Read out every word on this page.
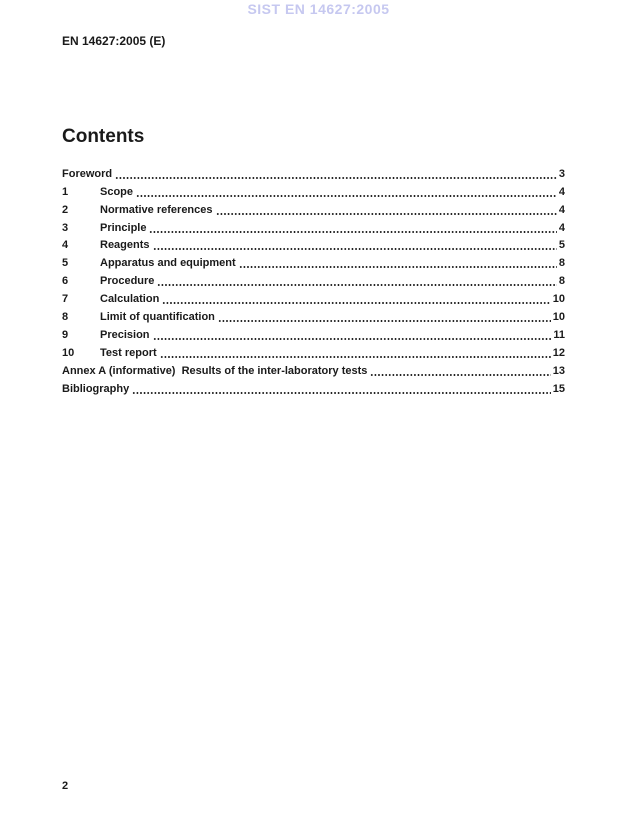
SIST EN 14627:2005
EN 14627:2005 (E)
Contents
Foreword	3
1	Scope	4
2	Normative references	4
3	Principle	4
4	Reagents	5
5	Apparatus and equipment	8
6	Procedure	8
7	Calculation	10
8	Limit of quantification	10
9	Precision	11
10	Test report	12
Annex A (informative)  Results of the inter-laboratory tests	13
Bibliography	15
2
